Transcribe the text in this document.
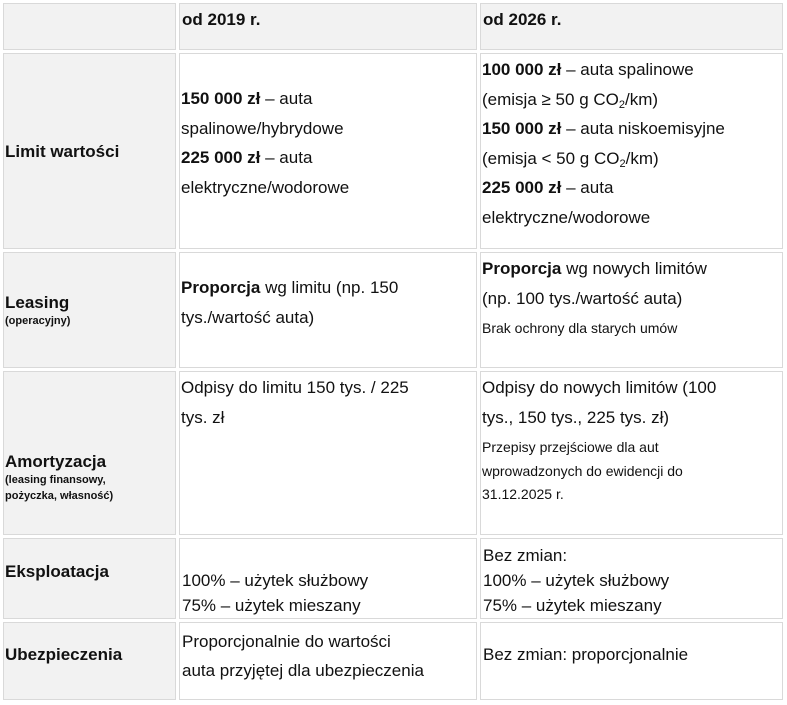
od 2019 r.	od 2026 r.
Limit wartości
150 000 zł – auta
spalinowe/hybrydowe
225 000 zł – auta
elektryczne/wodorowe
100 000 zł – auta spalinowe
(emisja ≥ 50 g $CO_2/km$)
150 000 zł – auta niskoemisyjne
(emisja < 50 g $CO_2/km$)
225 000 zł – auta
elektryczne/wodorowe
Leasing
(operacyjny)
Proporcja wg limitu (np. 150
tys./wartość auta)
Proporcja wg nowych limitów
(np. 100 tys./wartość auta)
Brak ochrony dla starych umów
Amortyzacja
(leasing finansowy,
pożyczka, własność)
Odpisy do limitu 150 tys. / 225
tys. zł
Odpisy do nowych limitów (100
tys., 150 tys., 225 tys. zł)
Przepisy przejściowe dla aut
wprowadzonych do ewidencji do
31.12.2025 r.
Eksploatacja	100% – użytek służbowy
75% – użytek mieszany
Bez zmian:
100% – użytek służbowy
75% – użytek mieszany
Ubezpieczenia
Proporcjonalnie do wartości
auta przyjętej dla ubezpieczenia
Bez zmian: proporcjonalnie
